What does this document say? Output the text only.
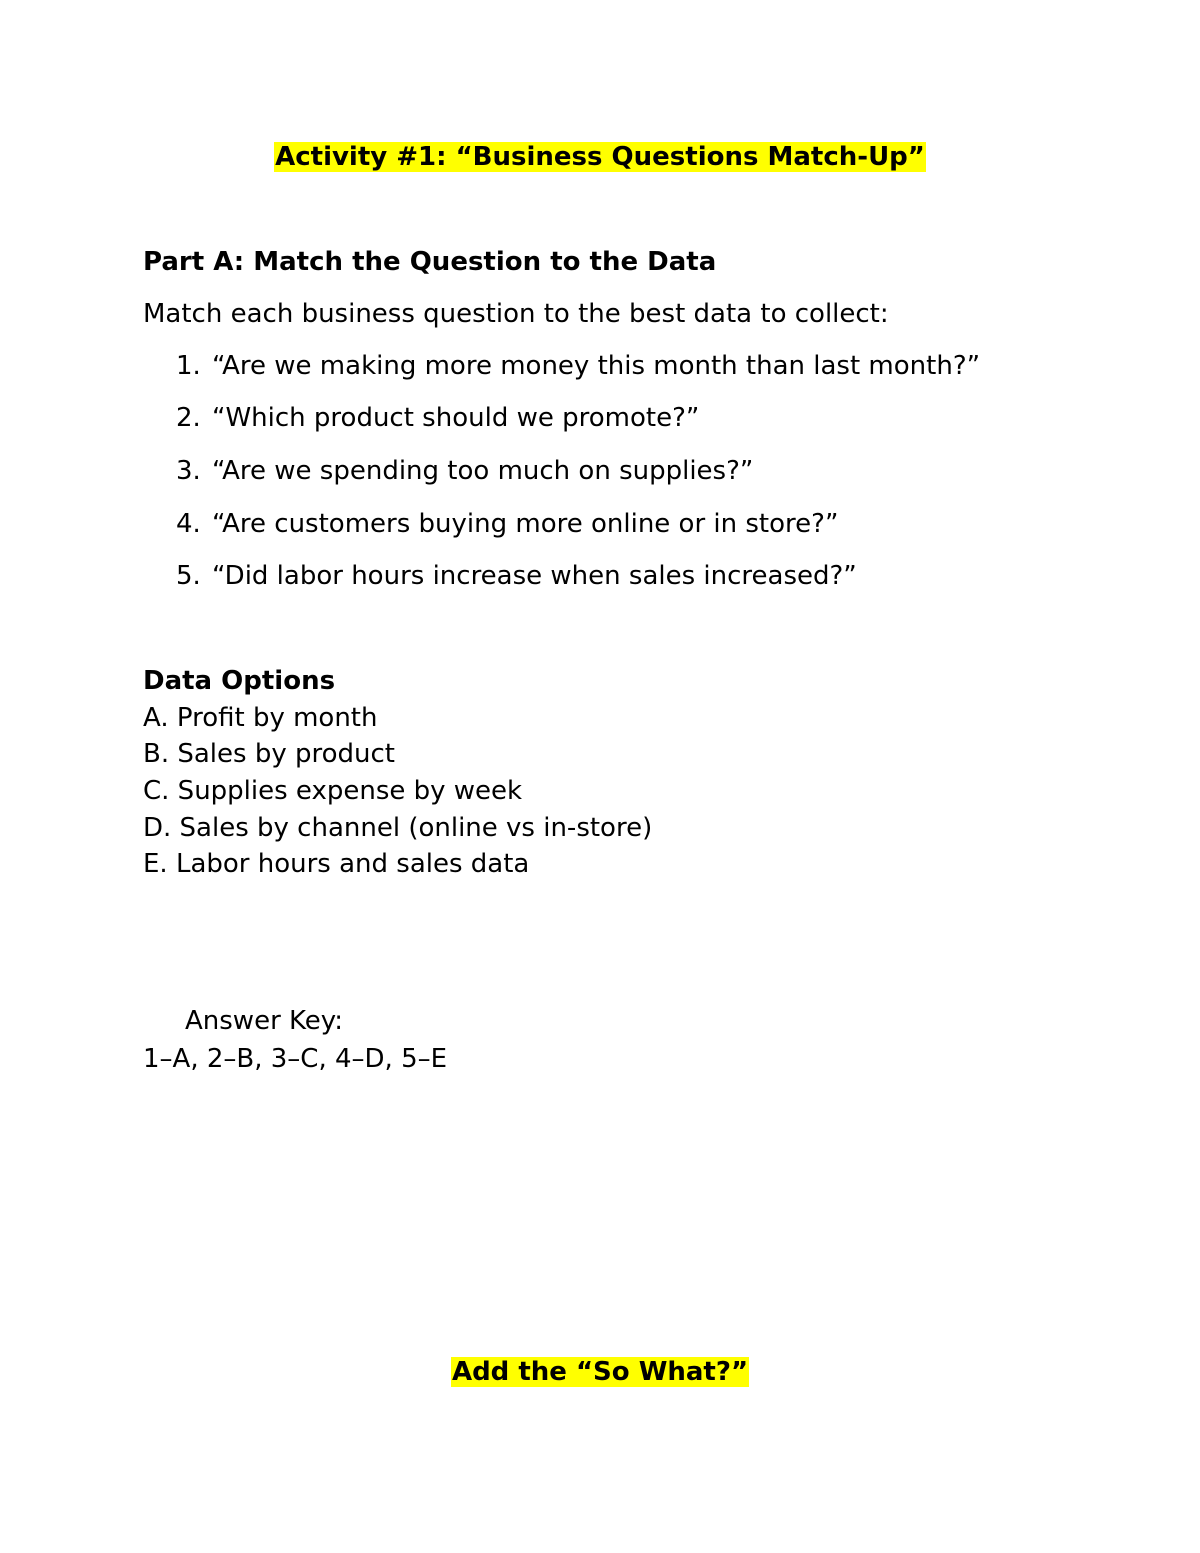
Activity #1: “Business Questions Match-Up”
Part A: Match the Question to the Data
Match each business question to the best data to collect:
1. “Are we making more money this month than last month?”
2. “Which product should we promote?”
3. “Are we spending too much on supplies?”
4. “Are customers buying more online or in store?”
5. “Did labor hours increase when sales increased?”
Data Options
A. Profit by month
B. Sales by product
C. Supplies expense by week
D. Sales by channel (online vs in-store)
E. Labor hours and sales data
Answer Key:
1–A, 2–B, 3–C, 4–D, 5–E
Add the “So What?”
